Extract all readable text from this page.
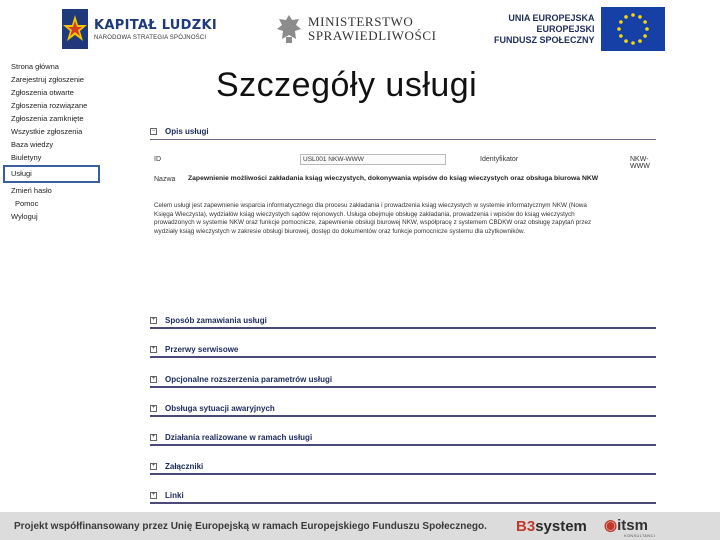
KAPITAŁ LUDZKI
NARODOWA STRATEGIA SPÓJNOŚCI
MINISTERSTWO
SPRAWIEDLIWOŚCI
UNIA EUROPEJSKA
EUROPEJSKI
FUNDUSZ SPOŁECZNY
Strona główna
Zarejestruj zgłoszenie
Zgłoszenia otwarte
Zgłoszenia rozwiązane
Zgłoszenia zamknięte
Wszystkie zgłoszenia
Baza wiedzy
Biuletyny
Usługi
Zmień hasło
Pomoc
Wyloguj
Szczegóły usługi
− Opis usługi
ID	USL001 NKW-WWW	Identyfikator	NKW-WWW
Nazwa Zapewnienie możliwości zakładania ksiąg wieczystych, dokonywania wpisów do ksiąg wieczystych oraz obsługa biurowa NKW
Celem usługi jest zapewnienie wsparcia informatycznego dla procesu zakładania i prowadzenia ksiąg wieczystych w systemie informatycznym NKW (Nowa Księga Wieczysta), wydziałów ksiąg wieczystych sądów rejonowych. Usługa obejmuje obsługę zakładania, prowadzenia i wpisów do ksiąg wieczystych prowadzonych w systemie NKW oraz funkcje pomocnicze, zapewnienie obsługi biurowej NKW, współpracę z systemem CBDKW oraz obsługę zapytań przez wydziały ksiąg wieczystych w zakresie obsługi biurowej, dostęp do dokumentów oraz funkcje pomocnicze systemu dla użytkowników.
+ Sposób zamawiania usługi
+ Przerwy serwisowe
+ Opcjonalne rozszerzenia parametrów usługi
+ Obsługa sytuacji awaryjnych
+ Działania realizowane w ramach usługi
+ Załączniki
+ Linki
Projekt współfinansowany przez Unię Europejską w ramach Europejskiego Funduszu Społecznego. B3system ◉itsm
KONSULTANCI
